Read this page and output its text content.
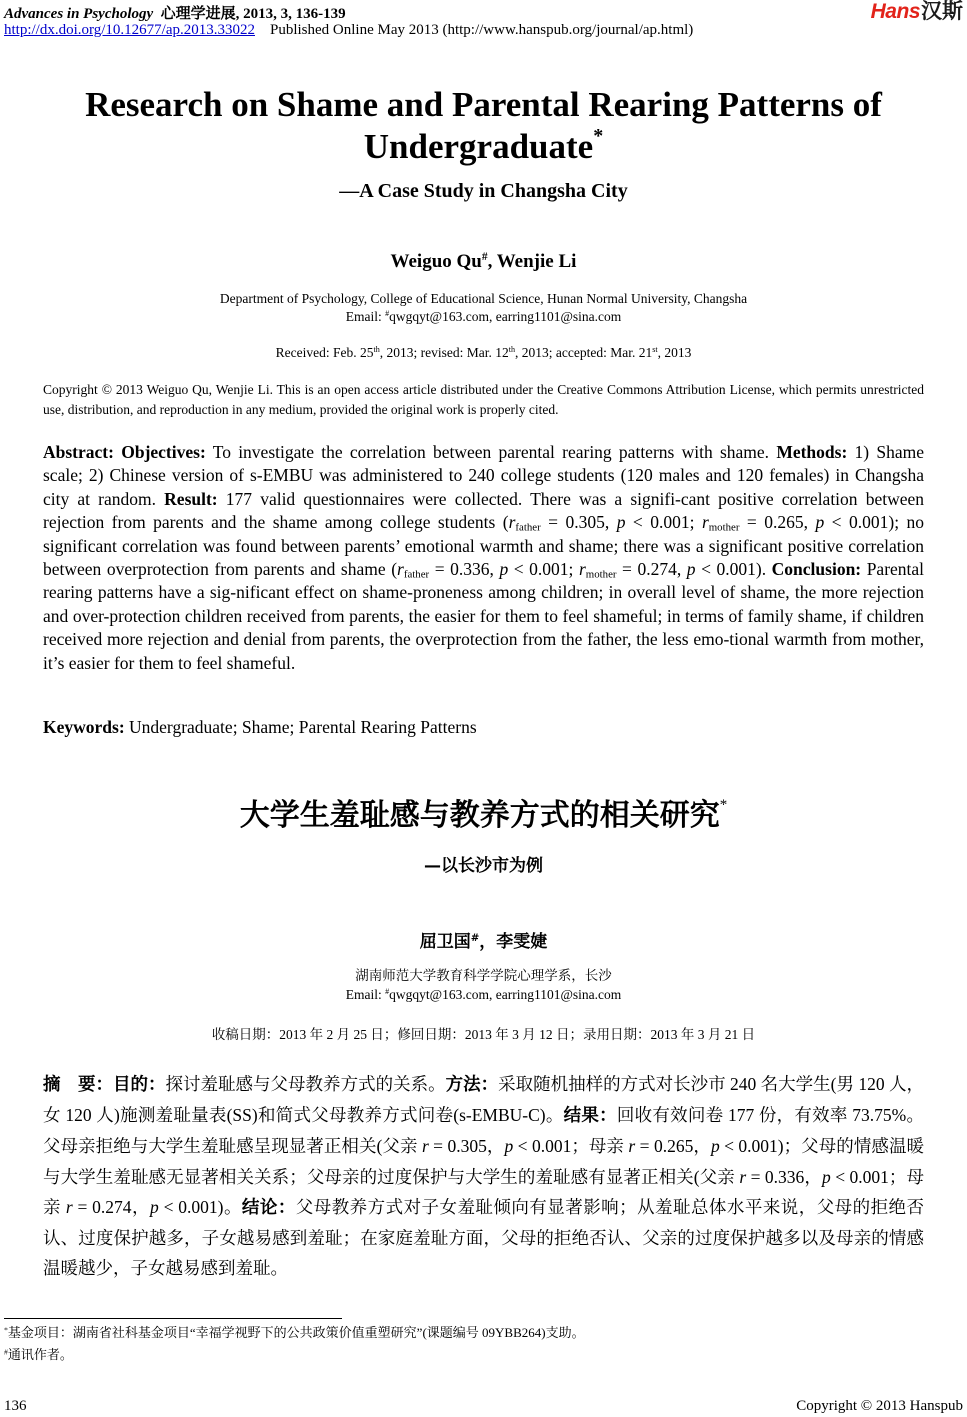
Advances in Psychology 心理学进展, 2013, 3, 136-139
http://dx.doi.org/10.12677/ap.2013.33022 Published Online May 2013 (http://www.hanspub.org/journal/ap.html)
Hans汉斯
Research on Shame and Parental Rearing Patterns of Undergraduate*
—A Case Study in Changsha City
Weiguo Qu#, Wenjie Li
Department of Psychology, College of Educational Science, Hunan Normal University, Changsha
Email: #qwgqyt@163.com, earring1101@sina.com
Received: Feb. 25th, 2013; revised: Mar. 12th, 2013; accepted: Mar. 21st, 2013
Copyright © 2013 Weiguo Qu, Wenjie Li. This is an open access article distributed under the Creative Commons Attribution License, which permits unrestricted use, distribution, and reproduction in any medium, provided the original work is properly cited.
Abstract: Objectives: To investigate the correlation between parental rearing patterns with shame. Methods: 1) Shame scale; 2) Chinese version of s-EMBU was administered to 240 college students (120 males and 120 females) in Changsha city at random. Result: 177 valid questionnaires were collected. There was a signifi-cant positive correlation between rejection from parents and the shame among college students ($r_{father} = 0.305$, p < 0.001; $r_{mother} = 0.265$, p < 0.001); no significant correlation was found between parents’ emotional warmth and shame; there was a significant positive correlation between overprotection from parents and shame ($r_{father} = 0.336$, p < 0.001; $r_{mother} = 0.274$, p < 0.001). Conclusion: Parental rearing patterns have a sig-nificant effect on shame-proneness among children; in overall level of shame, the more rejection and over-protection children received from parents, the easier for them to feel shameful; in terms of family shame, if children received more rejection and denial from parents, the overprotection from the father, the less emo-tional warmth from mother, it’s easier for them to feel shameful.
Keywords: Undergraduate; Shame; Parental Rearing Patterns
大学生羞耻感与教养方式的相关研究*
—以长沙市为例
屈卫国#，李雯婕
湖南师范大学教育科学学院心理学系，长沙
Email: #qwgqyt@163.com, earring1101@sina.com
收稿日期：2013 年 2 月 25 日；修回日期：2013 年 3 月 12 日；录用日期：2013 年 3 月 21 日
摘　要：目的：探讨羞耻感与父母教养方式的关系。方法：采取随机抽样的方式对长沙市 240 名大学生(男 120 人，女 120 人)施测羞耻量表(SS)和简式父母教养方式问卷(s-EMBU-C)。结果：回收有效问卷 177 份，有效率 73.75%。父母亲拒绝与大学生羞耻感呈现显著正相关(父亲 r = 0.305，p < 0.001；母亲 r = 0.265，p < 0.001)；父母的情感温暖与大学生羞耻感无显著相关关系；父母亲的过度保护与大学生的羞耻感有显著正相关(父亲 r = 0.336，p < 0.001；母亲 r = 0.274，p < 0.001)。结论：父母教养方式对子女羞耻倾向有显著影响；从羞耻总体水平来说，父母的拒绝否认、过度保护越多，子女越易感到羞耻；在家庭羞耻方面，父母的拒绝否认、父亲的过度保护越多以及母亲的情感温暖越少，子女越易感到羞耻。
*基金项目：湖南省社科基金项目“幸福学视野下的公共政策价值重塑研究”(课题编号 09YBB264)支助。
#通讯作者。
136	Copyright © 2013 Hanspub
